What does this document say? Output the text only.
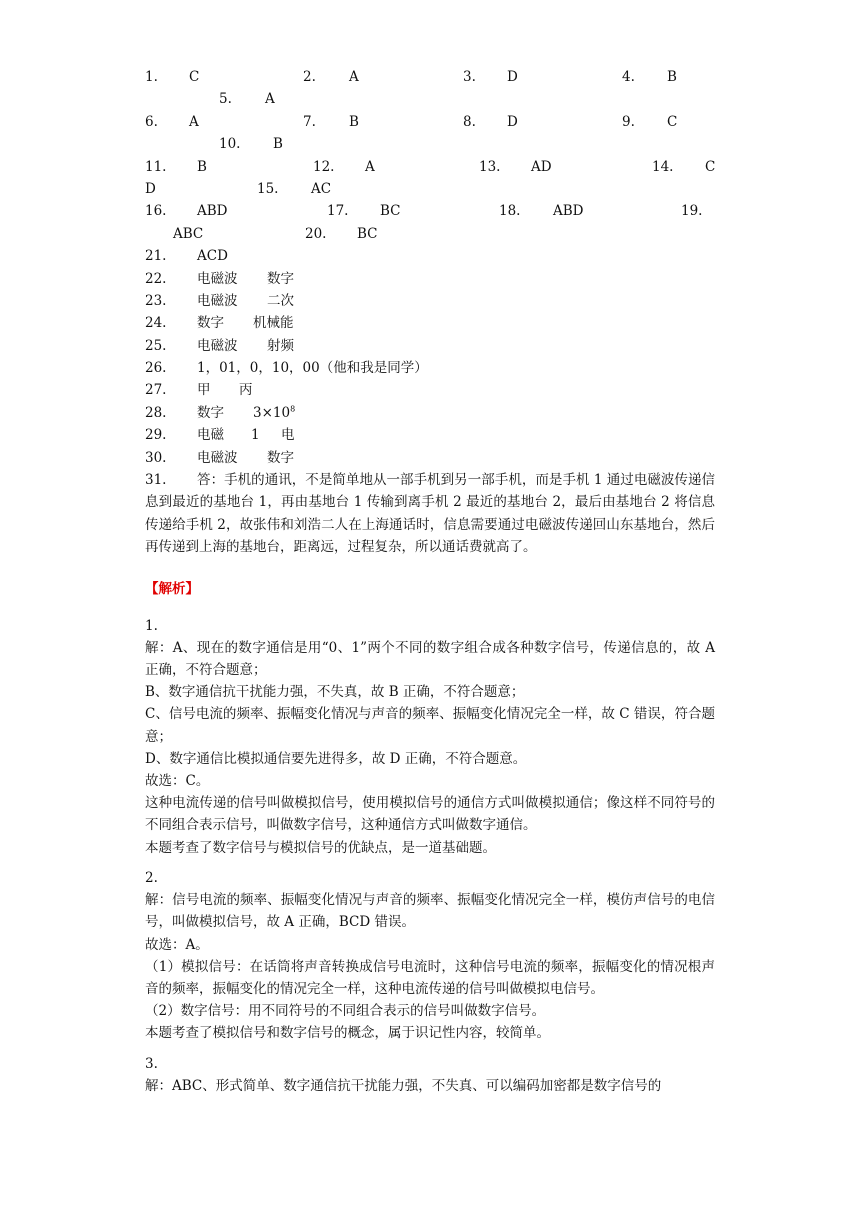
1. C	2. A	3. D	4. B
5. A
6. A	7. B	8. D	9. C
10. B
11. B	12. A	13. AD	14. C
D	15. AC
16. ABD	17. BC	18. ABD	19.
ABC	20. BC
21. ACD
22. 电磁波 数字
23. 电磁波 二次
24. 数字 机械能
25. 电磁波 射频
26. 1，01，0，10，00（他和我是同学）
27. 甲 丙
28. 数字 $3\times 10^8$
29. 电磁 1 电
30. 电磁波 数字
31. 答：手机的通讯，不是简单地从一部手机到另一部手机，而是手机 1 通过电磁波传递信息到最近的基地台 1，再由基地台 1 传输到离手机 2 最近的基地台 2，最后由基地台 2 将信息传递给手机 2，故张伟和刘浩二人在上海通话时，信息需要通过电磁波传递回山东基地台，然后再传递到上海的基地台，距离远，过程复杂，所以通话费就高了。
【解析】
1.
解：A、现在的数字通信是用“0、1”两个不同的数字组合成各种数字信号，传递信息的，故 A 正确，不符合题意；
B、数字通信抗干扰能力强，不失真，故 B 正确，不符合题意；
C、信号电流的频率、振幅变化情况与声音的频率、振幅变化情况完全一样，故 C 错误，符合题意；
D、数字通信比模拟通信要先进得多，故 D 正确，不符合题意。
故选：C。
这种电流传递的信号叫做模拟信号，使用模拟信号的通信方式叫做模拟通信；像这样不同符号的不同组合表示信号，叫做数字信号，这种通信方式叫做数字通信。
本题考查了数字信号与模拟信号的优缺点，是一道基础题。
2.
解：信号电流的频率、振幅变化情况与声音的频率、振幅变化情况完全一样，模仿声信号的电信号，叫做模拟信号，故 A 正确，BCD 错误。
故选：A。
（1）模拟信号：在话筒将声音转换成信号电流时，这种信号电流的频率，振幅变化的情况根声音的频率，振幅变化的情况完全一样，这种电流传递的信号叫做模拟电信号。
（2）数字信号：用不同符号的不同组合表示的信号叫做数字信号。
本题考查了模拟信号和数字信号的概念，属于识记性内容，较简单。
3.
解：ABC、形式简单、数字通信抗干扰能力强，不失真、可以编码加密都是数字信号的
